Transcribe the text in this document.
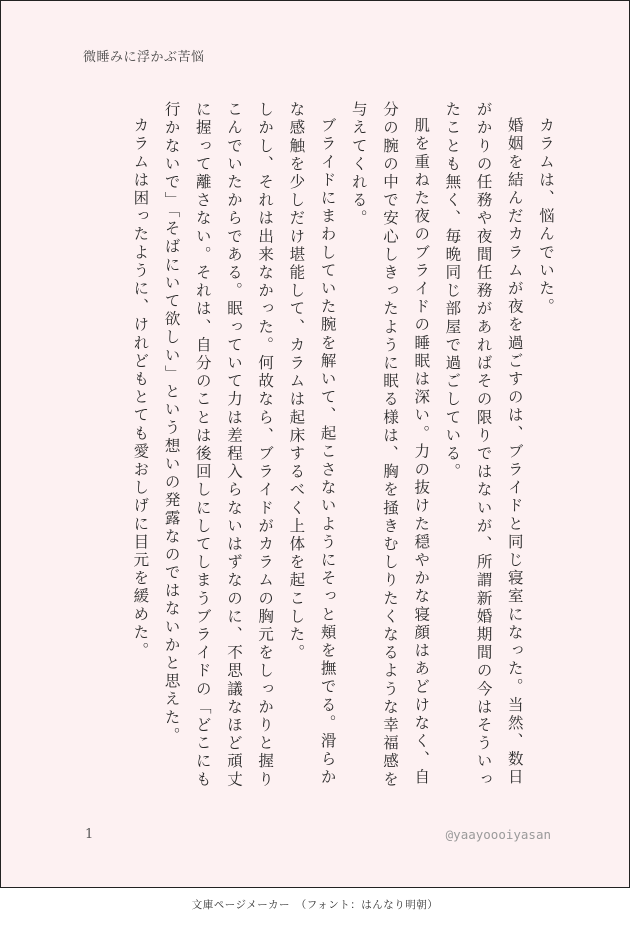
微睡みに浮かぶ苦悩

カラムは、悩んでいた。

婚姻を結んだカラムが夜を過ごすのは、ブライドと同じ寝室になった。当然、数日がかりの任務や夜間任務があればその限りではないが、所謂新婚期間の今はそういったことも無く、毎晩同じ部屋で過ごしている。

肌を重ねた夜のブライドの睡眠は深い。力の抜けた穏やかな寝顔はあどけなく、自分の腕の中で安心しきったように眠る様は、胸を掻きむしりたくなるような幸福感を与えてくれる。

ブライドにまわしていた腕を解いて、起こさないようにそっと頬を撫でる。滑らかな感触を少しだけ堪能して、カラムは起床するべく上体を起こした。

しかし、それは出来なかった。何故なら、ブライドがカラムの胸元をしっかりと握りこんでいたからである。眠っていて力は差程入らないはずなのに、不思議なほど頑丈に握って離さない。それは、自分のことは後回しにしてしまうブライドの「どこにも行かないで」「そばにいて欲しい」という想いの発露なのではないかと思えた。

カラムは困ったように、けれどもとても愛おしげに目元を緩めた。

1	@yaayoooiyasan
文庫ページメーカー　（フォント：はんなり明朝）
